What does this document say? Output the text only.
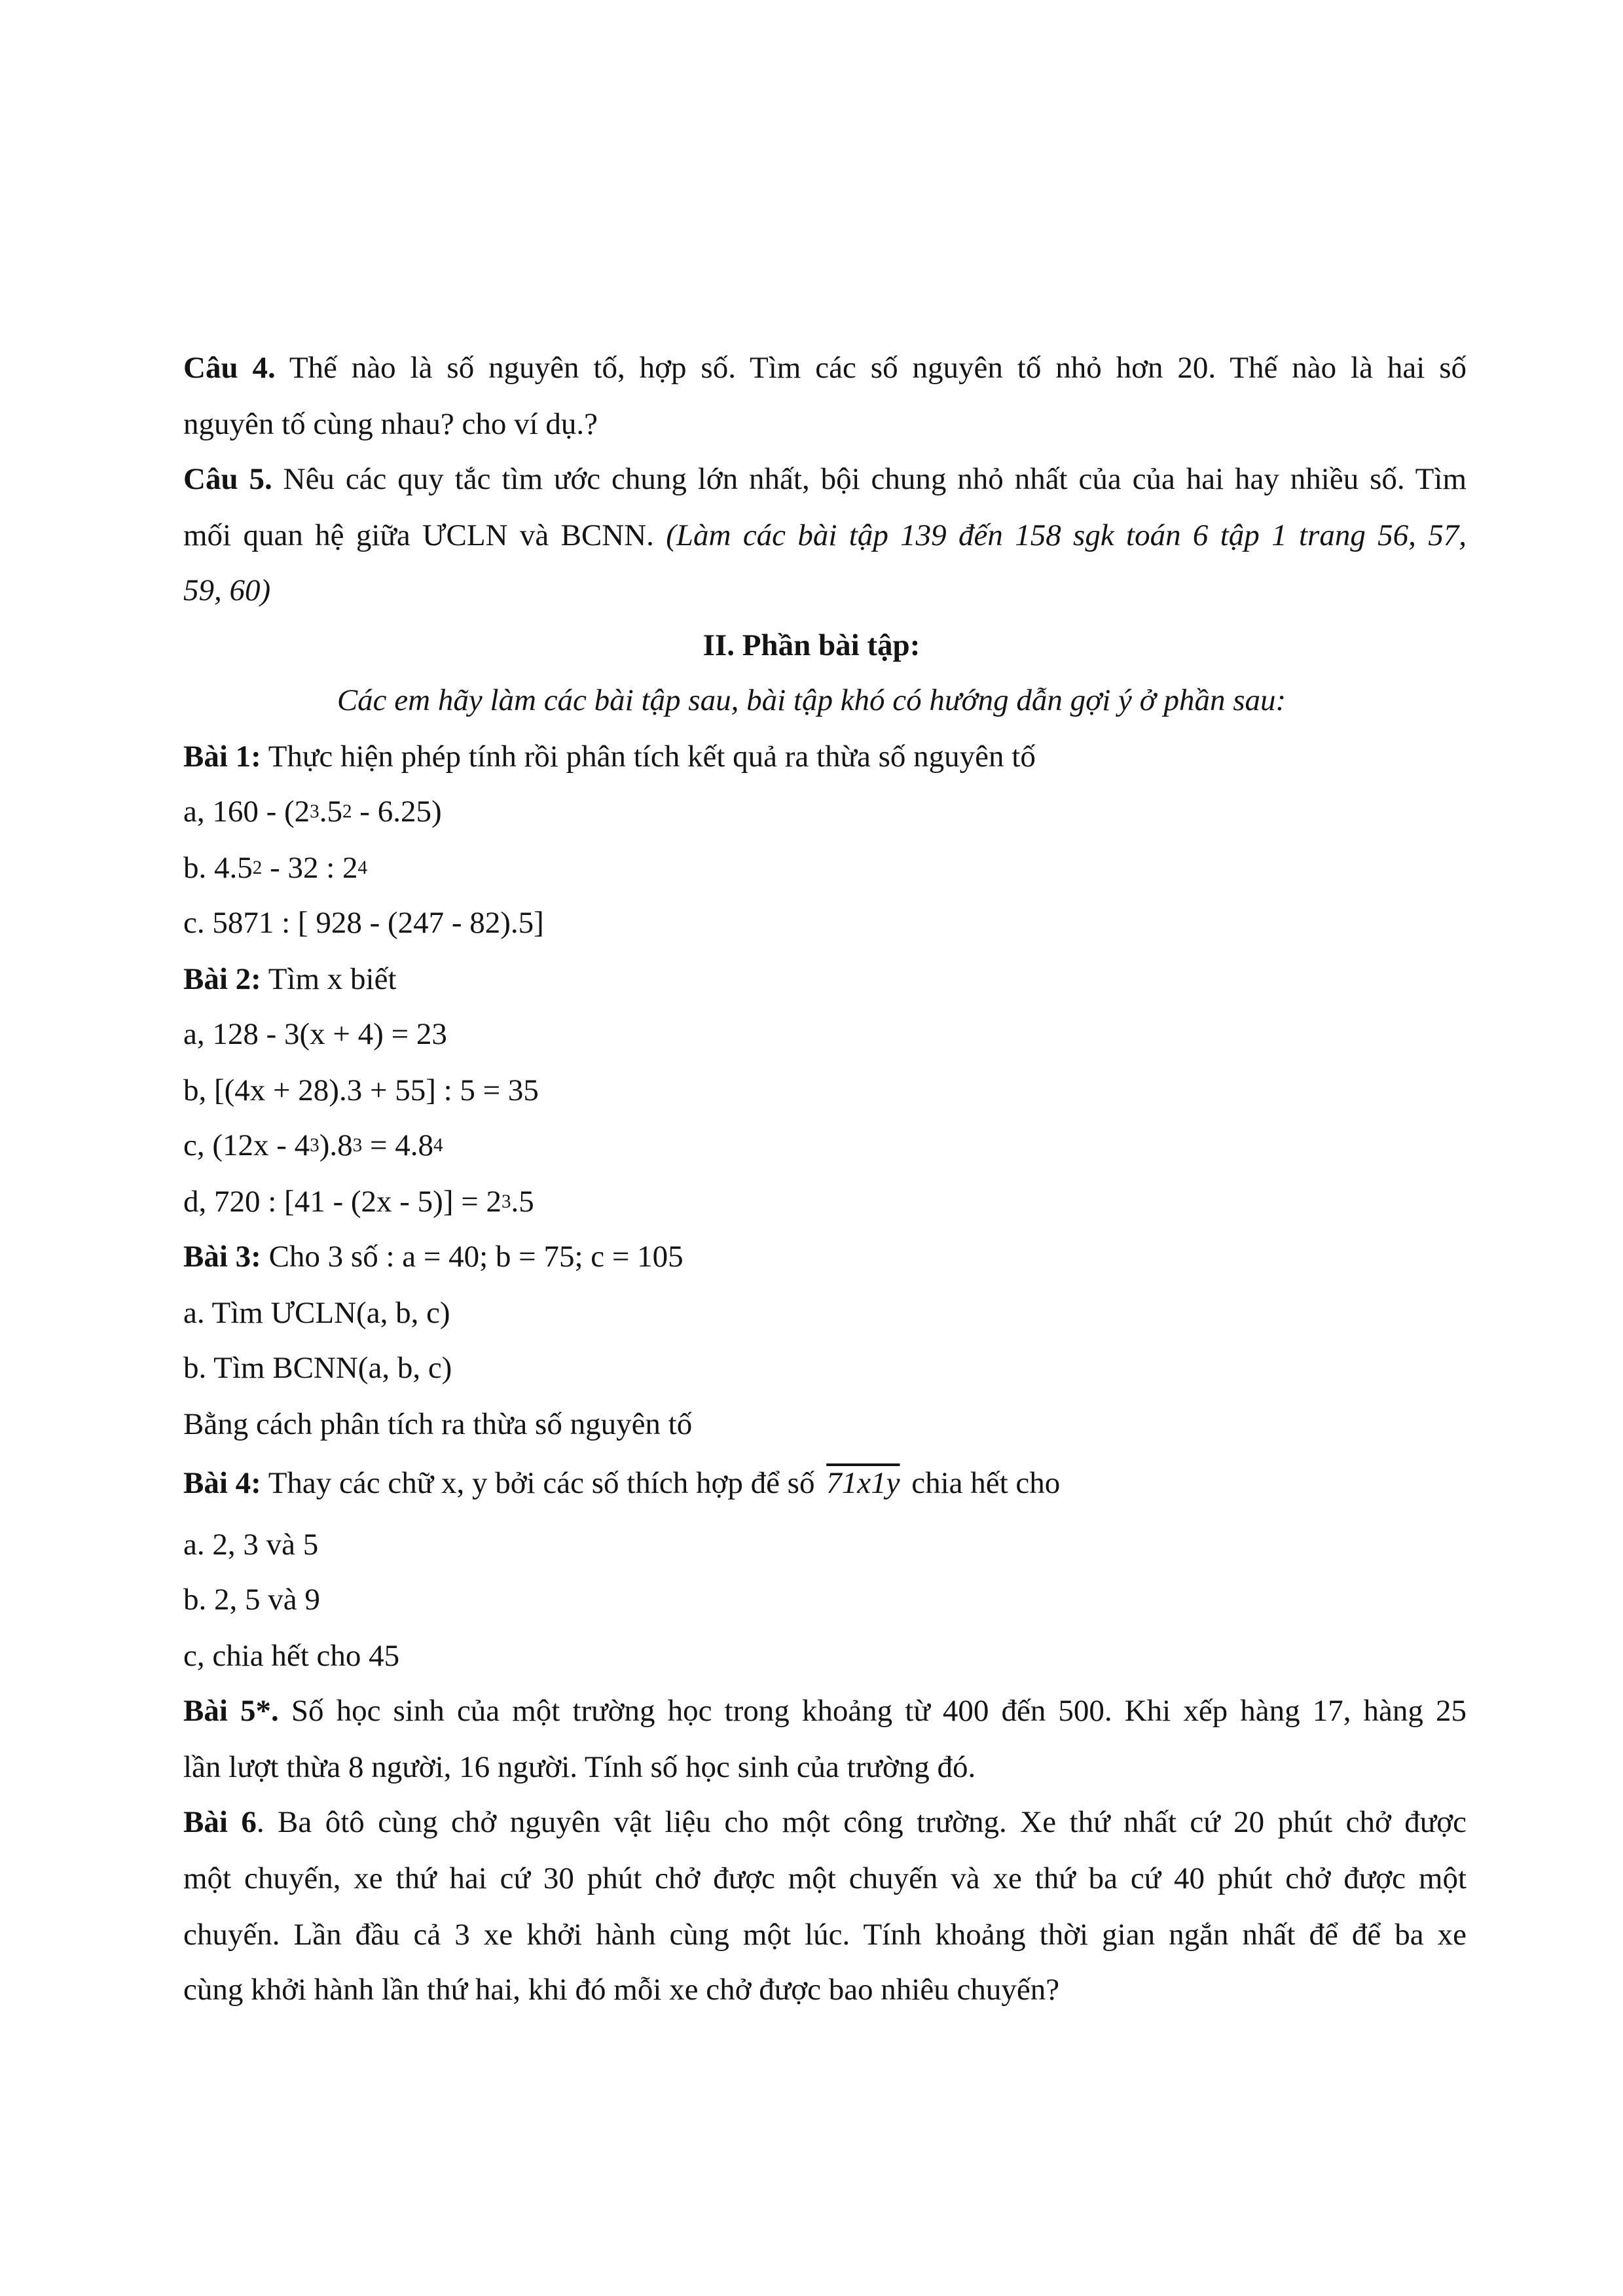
Câu 4. Thế nào là số nguyên tố, hợp số. Tìm các số nguyên tố nhỏ hơn 20. Thế nào là hai số
nguyên tố cùng nhau? cho ví dụ.?
Câu 5. Nêu các quy tắc tìm ước chung lớn nhất, bội chung nhỏ nhất của của hai hay nhiều số. Tìm
mối quan hệ giữa ƯCLN và BCNN. (Làm các bài tập 139 đến 158 sgk toán 6 tập 1 trang 56, 57,
59, 60)
II. Phần bài tập:
Các em hãy làm các bài tập sau, bài tập khó có hướng dẫn gợi ý ở phần sau:
Bài 1: Thực hiện phép tính rồi phân tích kết quả ra thừa số nguyên tố
a, $160 - (2^3.5^2 - 6.25)$
b. $4.5^2 - 32$ : $2^4$
c. 5871 : [ 928 - (247 - 82).5]
Bài 2: Tìm x biết
a, 128 - 3(x + 4) = 23
b, [(4x + 28).3 + 55] : 5 = 35
c, $(12x - 4^3).8^3 = 4.8^4$
d, 720 : $[41 - (2x - 5)] = 2^3.5$
Bài 3: Cho 3 số : a = 40; b = 75; c = 105
a. Tìm ƯCLN(a, b, c)
b. Tìm BCNN(a, b, c)
Bằng cách phân tích ra thừa số nguyên tố
Bài 4: Thay các chữ x, y bởi các số thích hợp để số 71x1y chia hết cho
a. 2, 3 và 5
b. 2, 5 và 9
c, chia hết cho 45
Bài 5*. Số học sinh của một trường học trong khoảng từ 400 đến 500. Khi xếp hàng 17, hàng 25
lần lượt thừa 8 người, 16 người. Tính số học sinh của trường đó.
Bài 6. Ba ôtô cùng chở nguyên vật liệu cho một công trường. Xe thứ nhất cứ 20 phút chở được
một chuyến, xe thứ hai cứ 30 phút chở được một chuyến và xe thứ ba cứ 40 phút chở được một
chuyến. Lần đầu cả 3 xe khởi hành cùng một lúc. Tính khoảng thời gian ngắn nhất để để ba xe
cùng khởi hành lần thứ hai, khi đó mỗi xe chở được bao nhiêu chuyến?
